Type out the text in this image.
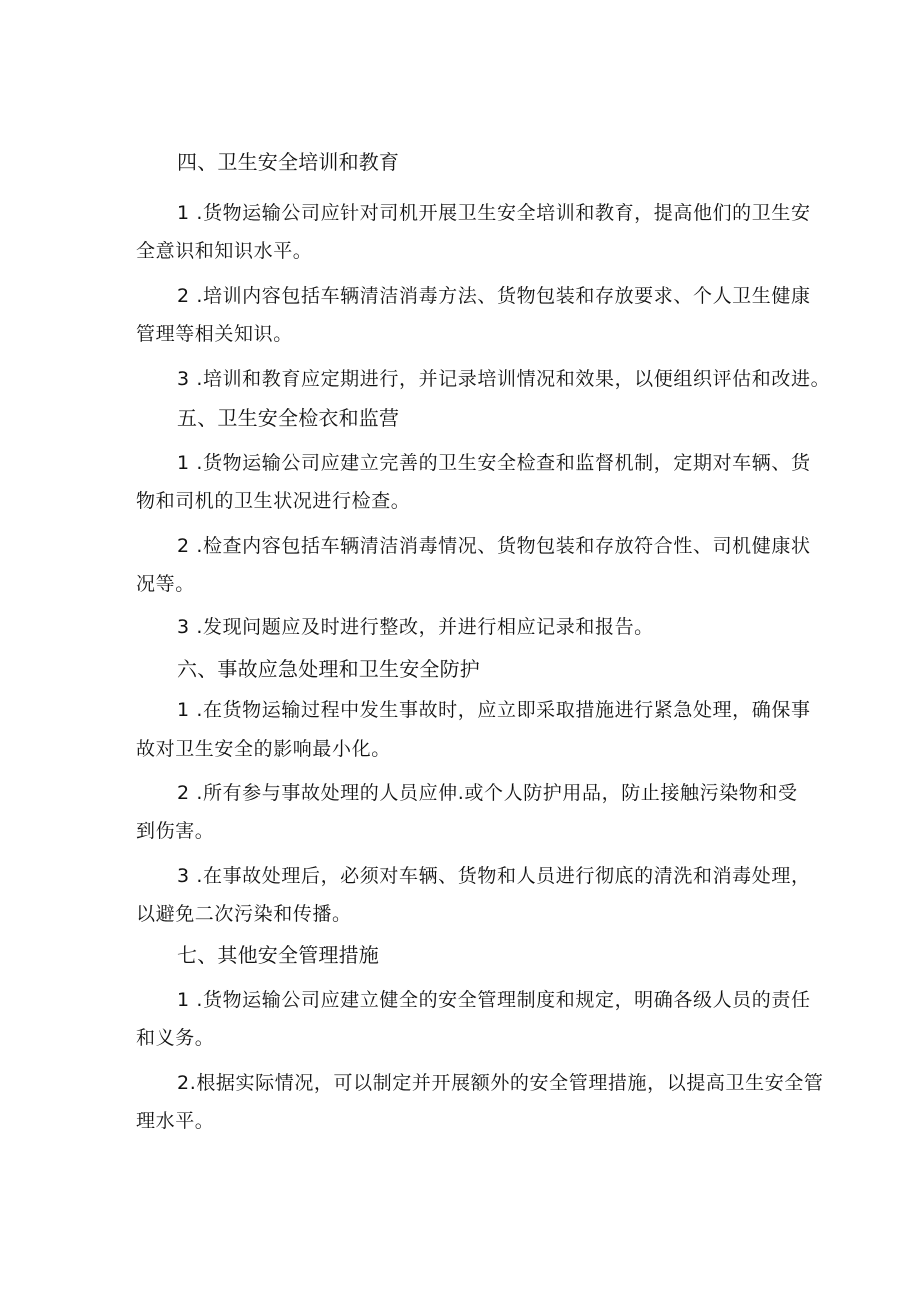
四、卫生安全培训和教育
1 .货物运输公司应针对司机开展卫生安全培训和教育，提高他们的卫生安
全意识和知识水平。
2 .培训内容包括车辆清洁消毒方法、货物包装和存放要求、个人卫生健康
管理等相关知识。
3 .培训和教育应定期进行，并记录培训情况和效果，以便组织评估和改进。
五、卫生安全检衣和监营
1 .货物运输公司应建立完善的卫生安全检查和监督机制，定期对车辆、货
物和司机的卫生状况进行检查。
2 .检查内容包括车辆清洁消毒情况、货物包装和存放符合性、司机健康状
况等。
3 .发现问题应及时进行整改，并进行相应记录和报告。
六、事故应急处理和卫生安全防护
1 .在货物运输过程中发生事故时，应立即采取措施进行紧急处理，确保事
故对卫生安全的影响最小化。
2 .所有参与事故处理的人员应伸.或个人防护用品，防止接触污染物和受
到伤害。
3 .在事故处理后，必须对车辆、货物和人员进行彻底的清洗和消毒处理，
以避免二次污染和传播。
七、其他安全管理措施
1 .货物运输公司应建立健全的安全管理制度和规定，明确各级人员的责任
和义务。
2.根据实际情况，可以制定并开展额外的安全管理措施，以提高卫生安全管
理水平。
